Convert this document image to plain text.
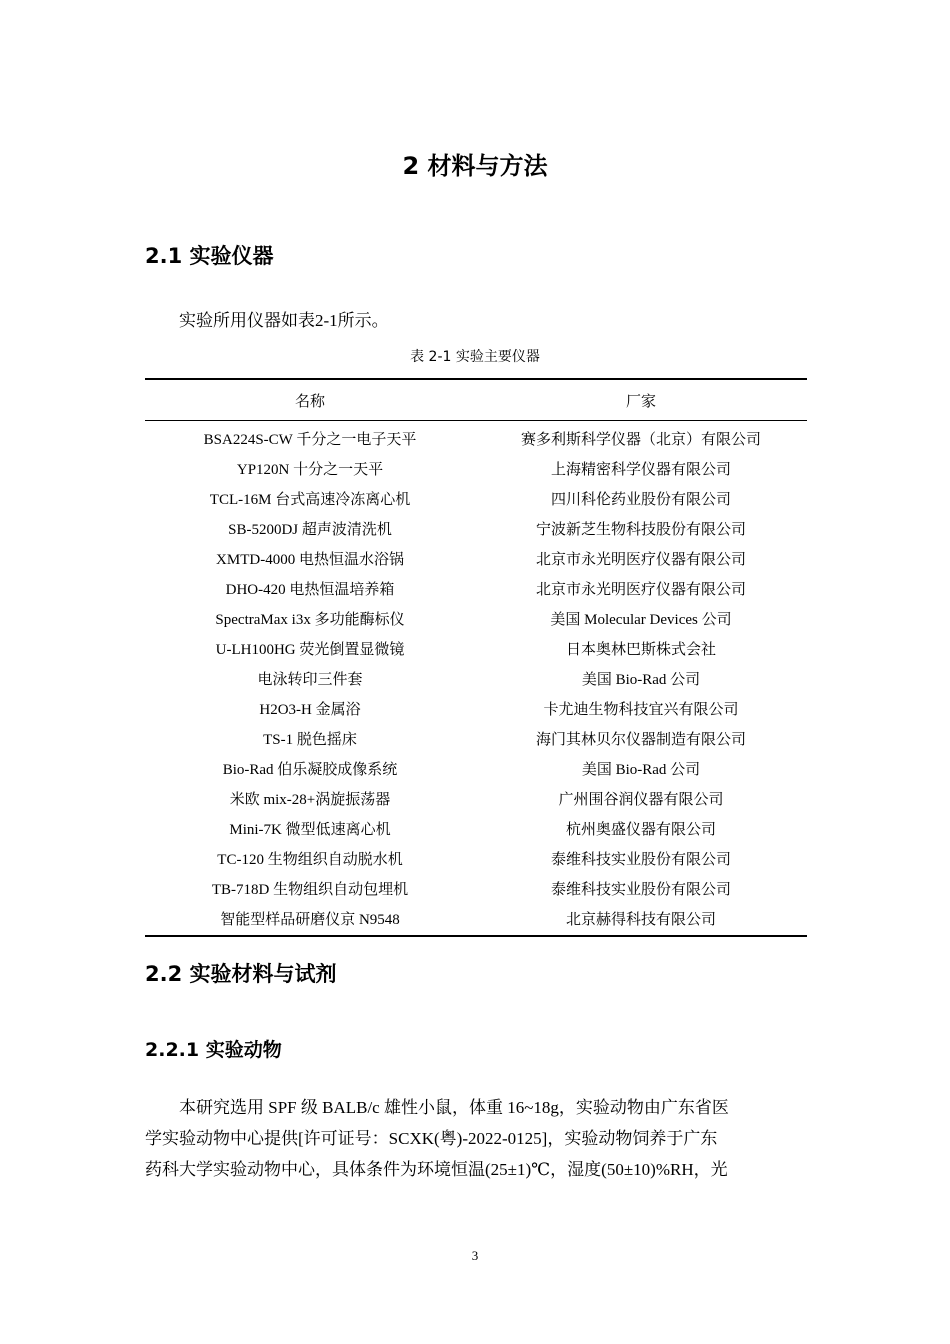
2 材料与方法
2.1 实验仪器
实验所用仪器如表2-1所示。
表 2-1 实验主要仪器
名称	厂家
BSA224S-CW 千分之一电子天平	赛多利斯科学仪器（北京）有限公司
YP120N 十分之一天平	上海精密科学仪器有限公司
TCL-16M 台式高速冷冻离心机	四川科伦药业股份有限公司
SB-5200DJ 超声波清洗机	宁波新芝生物科技股份有限公司
XMTD-4000 电热恒温水浴锅	北京市永光明医疗仪器有限公司
DHO-420 电热恒温培养箱	北京市永光明医疗仪器有限公司
SpectraMax i3x 多功能酶标仪	美国 Molecular Devices 公司
U-LH100HG 荧光倒置显微镜	日本奥林巴斯株式会社
电泳转印三件套	美国 Bio-Rad 公司
H2O3-H 金属浴	卡尤迪生物科技宜兴有限公司
TS-1 脱色摇床	海门其林贝尔仪器制造有限公司
Bio-Rad 伯乐凝胶成像系统	美国 Bio-Rad 公司
米欧 mix-28+涡旋振荡器	广州围谷润仪器有限公司
Mini-7K 微型低速离心机	杭州奥盛仪器有限公司
TC-120 生物组织自动脱水机	泰维科技实业股份有限公司
TB-718D 生物组织自动包埋机	泰维科技实业股份有限公司
智能型样品研磨仪京 N9548	北京赫得科技有限公司
2.2 实验材料与试剂
2.2.1 实验动物
本研究选用 SPF 级 BALB/c 雄性小鼠，体重 16~18g，实验动物由广东省医
学实验动物中心提供[许可证号：SCXK(粤)-2022-0125]，实验动物饲养于广东
药科大学实验动物中心，具体条件为环境恒温(25±1)℃，湿度(50±10)%RH，光
3
